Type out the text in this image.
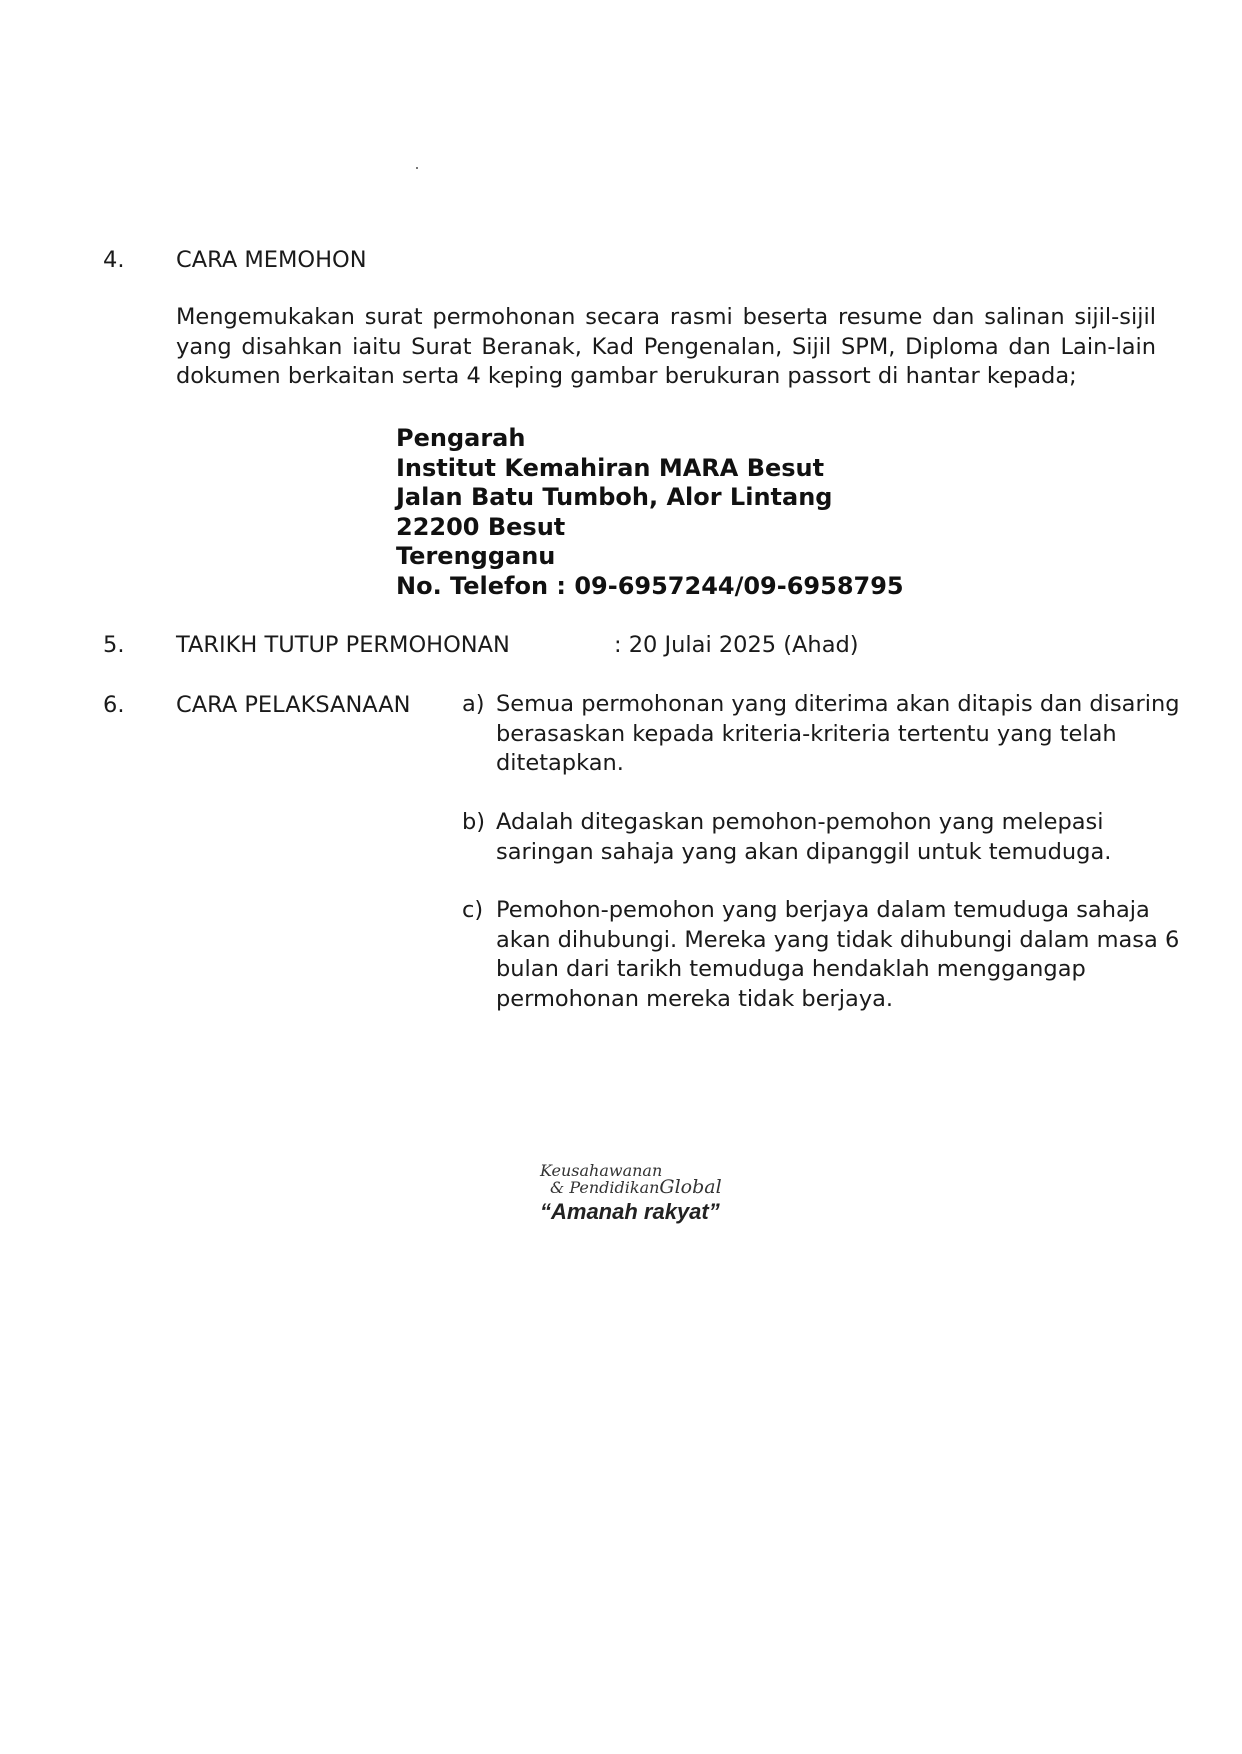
4. CARA MEMOHON
Mengemukakan surat permohonan secara rasmi beserta resume dan salinan sijil-sijil yang disahkan iaitu Surat Beranak, Kad Pengenalan, Sijil SPM, Diploma dan Lain-lain dokumen berkaitan serta 4 keping gambar berukuran passort di hantar kepada;
Pengarah
Institut Kemahiran MARA Besut
Jalan Batu Tumboh, Alor Lintang
22200 Besut
Terengganu
No. Telefon : 09-6957244/09-6958795
5. TARIKH TUTUP PERMOHONAN	: 20 Julai 2025 (Ahad)
6. CARA PELAKSANAAN a) Semua permohonan yang diterima akan ditapis dan disaring berasaskan kepada kriteria-kriteria tertentu yang telah ditetapkan.
b) Adalah ditegaskan pemohon-pemohon yang melepasi saringan sahaja yang akan dipanggil untuk temuduga.
c) Pemohon-pemohon yang berjaya dalam temuduga sahaja akan dihubungi. Mereka yang tidak dihubungi dalam masa 6 bulan dari tarikh temuduga hendaklah menggangap permohonan mereka tidak berjaya.
Keusahawanan
& PendidikanGlobal
“Amanah rakyat”
